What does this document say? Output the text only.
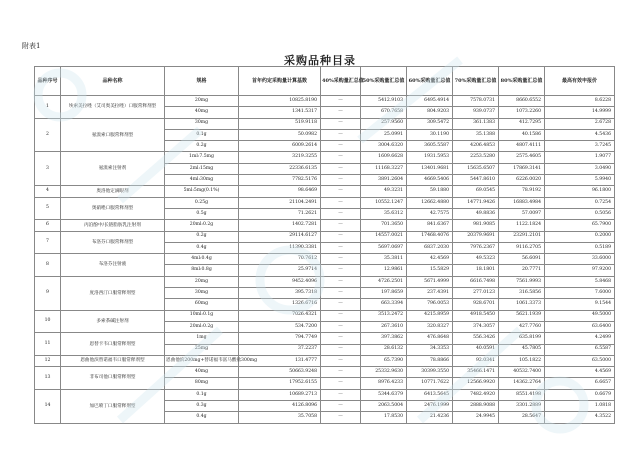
附表1
采购品种目录
品种序号	品种名称	规格	首年约定采购量计算基数	40%采购量汇总值	50%采购量汇总值	60%采购量汇总值	70%采购量汇总值	80%采购量汇总值	最高有效申报价
1	埃索美拉唑（艾司奥美拉唑）口服常释剂型	20mg	10825.8190	—	5412.9103	6495.4914	7578.0731	8660.6552	8.6228
		40mg	1341.5317	—	670.7658	804.9203	939.0737	1073.2260	14.9999
2	氨溴索口服常释剂型	30mg	519.9118	—	257.9560	309.5472	361.1383	412.7295	2.6728
		0.1g	50.0982	—	25.0991	30.1190	35.1388	40.1586	4.5436
		0.2g	6009.2614	—	3004.6320	3605.5587	4206.4853	4807.4111	3.7245
3	氨溴索注射剂	1ml:7.5mg	3219.3255	—	1609.6628	1931.5953	2253.5280	2575.4605	1.9077
		2ml:15mg	22336.6135	—	11168.3227	13401.9681	15635.6507	17869.3141	3.0490
		4ml:30mg	7782.5176	—	3891.2604	4669.5406	5447.8610	6226.0020	5.9940
4	奥洛他定滴眼剂	5ml:5mg(0.1%)	98.6469	—	49.3231	59.1880	69.0545	78.9192	96.1800
5	奥硝唑口服常释剂型	0.25g	21104.2491	—	10552.1247	12662.4880	14771.9426	16883.4984	0.7254
		0.5g	71.2621	—	35.6312	42.7575	49.8836	57.0097	0.5056
6	丙泊酚中/长链脂肪乳注射剂	20ml:0.2g	1402.7281	—	701.3650	841.6367	981.9085	1122.1824	65.7900
7	布洛芬口服常释剂型	0.2g	29114.6127	—	14557.0021	17468.4076	20379.9691	23291.2101	0.2000
		0.4g	11390.3381	—	5697.0697	6837.2030	7976.2367	9116.2705	0.5189
8	布洛芬注射液	4ml:0.4g	70.7612	—	35.3811	42.4569	49.5323	56.6091	33.6000
		8ml:0.8g	25.9714	—	12.9861	15.5829	18.1801	20.7771	97.9200
9	度洛西汀口服常释剂型	20mg	9452.4096	—	4726.2501	5671.4999	6616.7498	7561.9993	5.8468
		30mg	395.7318	—	197.8659	237.4391	277.0123	316.5856	7.6000
		60mg	1326.6716	—	663.3394	796.0053	928.6701	1061.3373	9.1544
10	多索茶碱注射剂	10ml:0.1g	7026.4321	—	3513.2472	4215.8959	4918.5450	5621.1939	49.5000
		20ml:0.2g	534.7200	—	267.3610	320.8327	374.3057	427.7760	63.6400
11	恩替卡韦口服常释剂型	1mg	794.7749	—	397.3862	476.8648	556.3426	635.8199	4.2499
		25mg	37.2237	—	28.6132	34.3353	40.0591	45.7805	6.5587
12	恩曲他滨替诺福韦口服常释剂型	恩曲他滨200mg+替诺福韦富马酸盐300mg	131.4777	—	65.7390	78.8866	92.0341	105.1822	63.5000
13	非布司他口服常释剂型	40mg	50663.9248	—	25332.9630	30399.3550	35466.1471	40532.7400	4.4569
		80mg	17952.6155	—	8976.4233	10771.7622	12566.9920	14362.2764	6.6657
14	加巴喷丁口服常释剂型	0.1g	10689.2713	—	5344.6379	6413.5645	7482.4920	8551.4198	0.6679
		0.3g	4126.8096	—	2063.5004	2476.1999	2888.9088	3301.2889	1.0818
		0.4g	35.7058	—	17.8530	21.4236	24.9945	28.5647	4.3522
